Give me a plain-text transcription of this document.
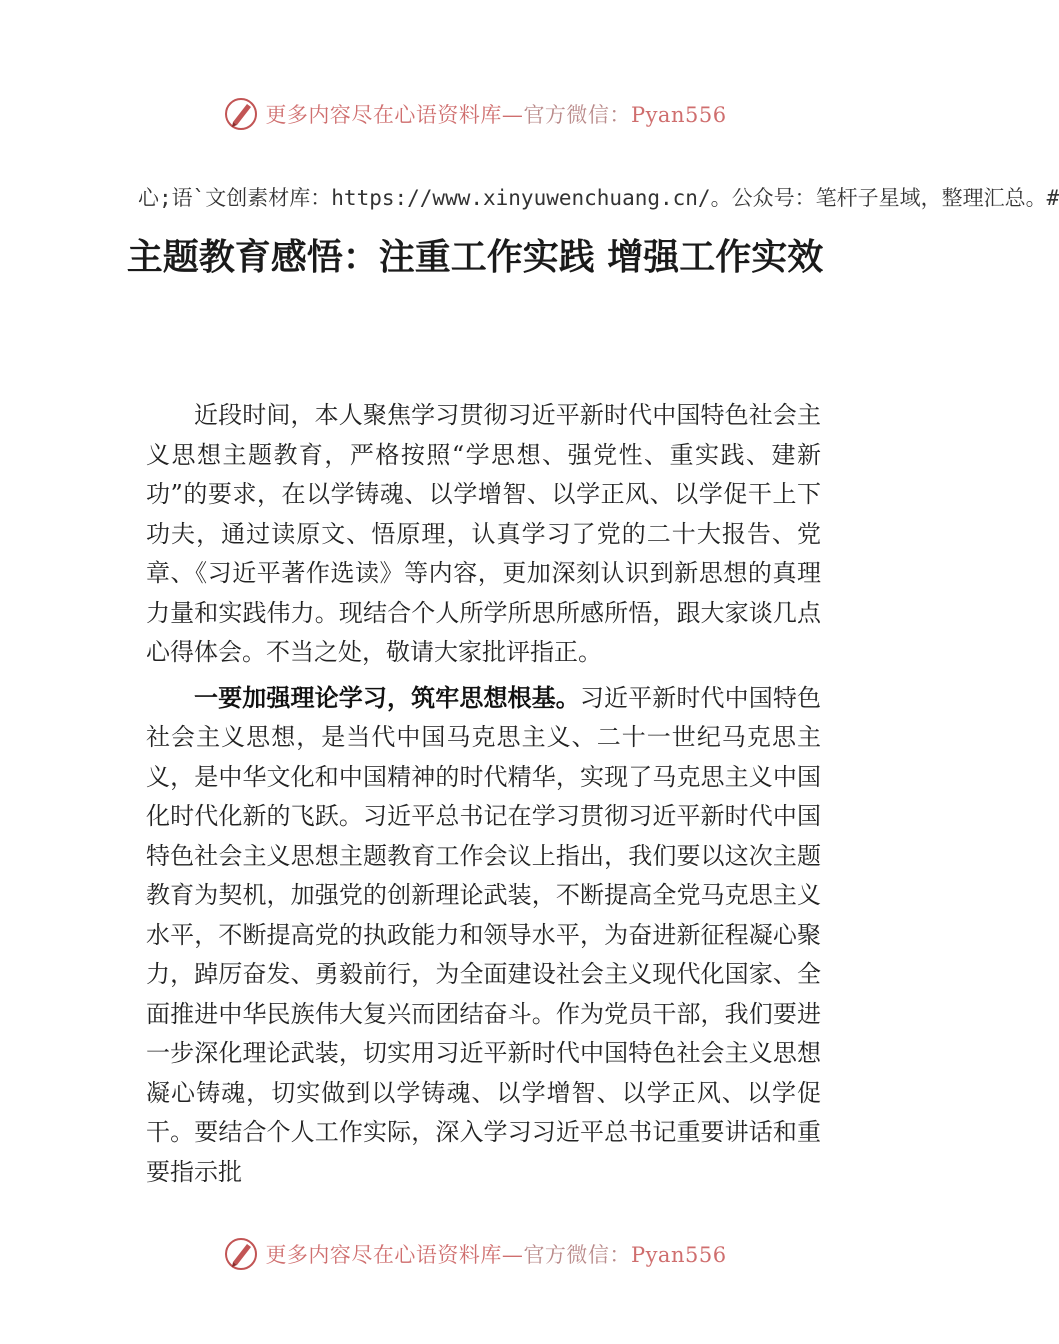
更多内容尽在心语资料库—官方微信：Pyan556
心;语`文创素材库：https://www.xinyuwenchuang.cn/。公众号：笔杆子星域，整理汇总。#
主题教育感悟：注重工作实践 增强工作实效

近段时间，本人聚焦学习贯彻习近平新时代中国特色社会主义思想主题教育，严格按照“学思想、强党性、重实践、建新功”的要求，在以学铸魂、以学增智、以学正风、以学促干上下功夫，通过读原文、悟原理，认真学习了党的二十大报告、党章、《习近平著作选读》等内容，更加深刻认识到新思想的真理力量和实践伟力。现结合个人所学所思所感所悟，跟大家谈几点心得体会。不当之处，敬请大家批评指正。

一要加强理论学习，筑牢思想根基。习近平新时代中国特色社会主义思想，是当代中国马克思主义、二十一世纪马克思主义，是中华文化和中国精神的时代精华，实现了马克思主义中国化时代化新的飞跃。习近平总书记在学习贯彻习近平新时代中国特色社会主义思想主题教育工作会议上指出，我们要以这次主题教育为契机，加强党的创新理论武装，不断提高全党马克思主义水平，不断提高党的执政能力和领导水平，为奋进新征程凝心聚力，踔厉奋发、勇毅前行，为全面建设社会主义现代化国家、全面推进中华民族伟大复兴而团结奋斗。作为党员干部，我们要进一步深化理论武装，切实用习近平新时代中国特色社会主义思想凝心铸魂，切实做到以学铸魂、以学增智、以学正风、以学促干。要结合个人工作实际，深入学习习近平总书记重要讲话和重要指示批

更多内容尽在心语资料库—官方微信：Pyan556
